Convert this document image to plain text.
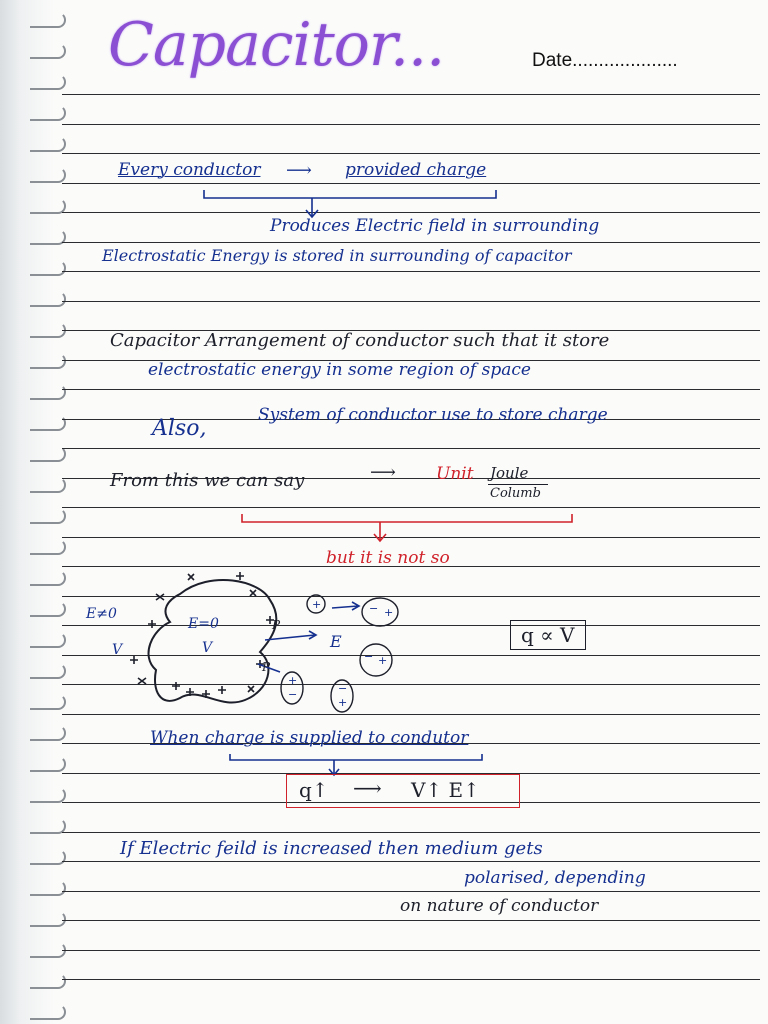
Capacitor...	Date....................
Every conductor ⟶ provided charge
Produces Electric field in surrounding
Electrostatic Energy is stored in surrounding of capacitor
Capacitor Arrangement of conductor such that it store
electrostatic energy in some region of space
Also,
System of conductor use to store charge
From this we can say	⟶ Unit Joule
Columb
but it is not so
+	− +
− +
+
−	−
+
E≠0
V
E=0
V
P
P
E	q ∝ V
When charge is supplied to condutor
q↑ ⟶ V↑ E↑
If Electric feild is increased then medium gets
polarised, depending
on nature of conductor
